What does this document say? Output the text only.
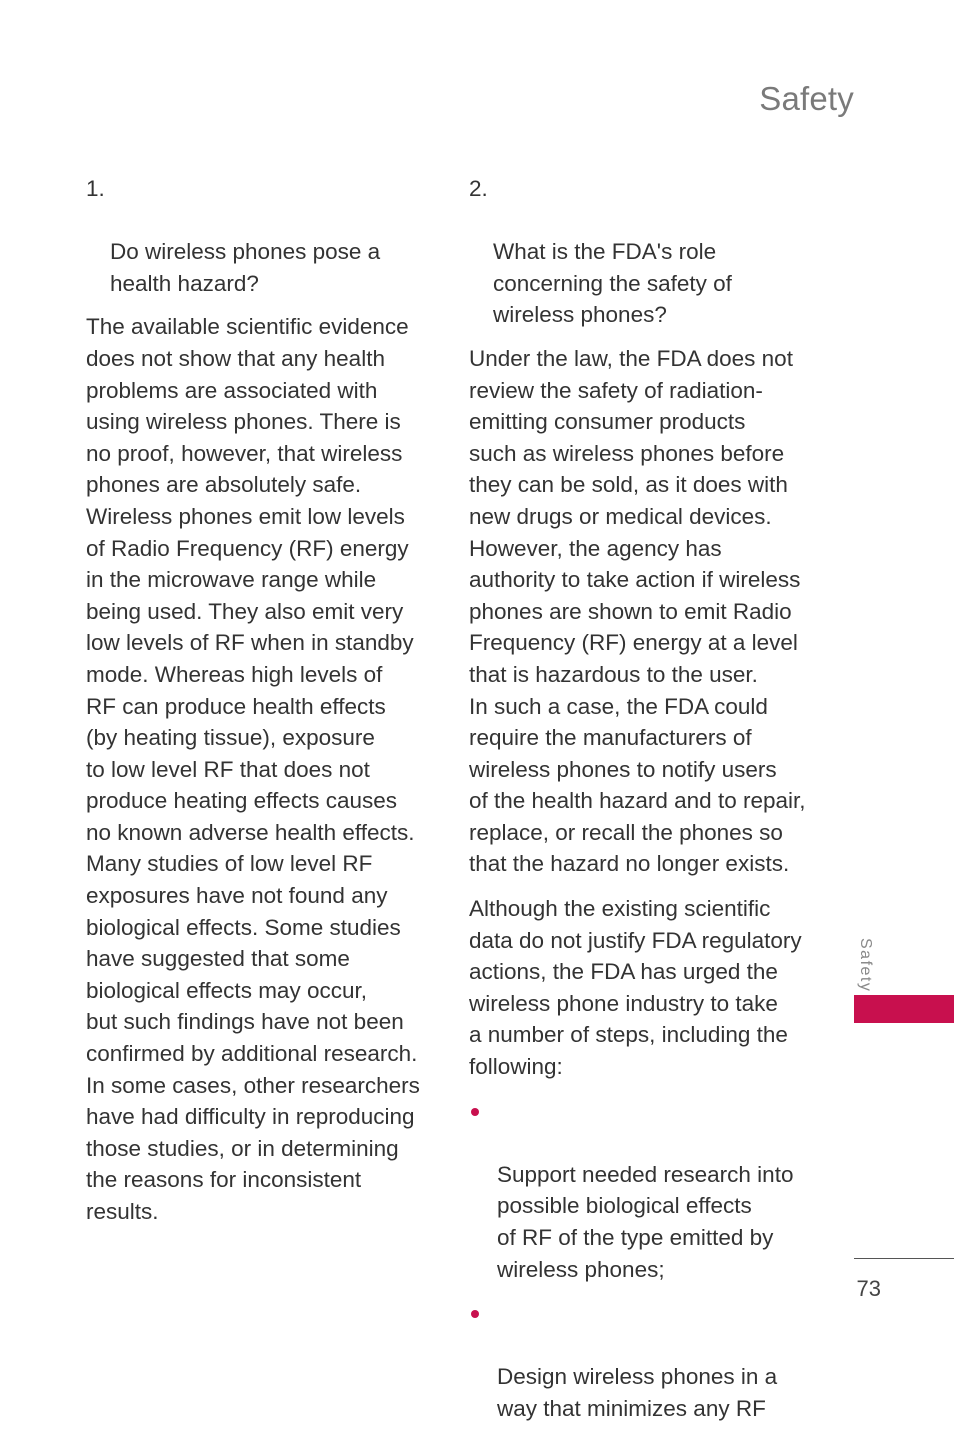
Safety

1.

Do wireless phones pose a
health hazard?

The available scientific evidence
does not show that any health
problems are associated with
using wireless phones. There is
no proof, however, that wireless
phones are absolutely safe.
Wireless phones emit low levels
of Radio Frequency (RF) energy
in the microwave range while
being used. They also emit very
low levels of RF when in standby
mode. Whereas high levels of
RF can produce health effects
(by heating tissue), exposure
to low level RF that does not
produce heating effects causes
no known adverse health effects.
Many studies of low level RF
exposures have not found any
biological effects. Some studies
have suggested that some
biological effects may occur,
but such findings have not been
confirmed by additional research.
In some cases, other researchers
have had difficulty in reproducing
those studies, or in determining
the reasons for inconsistent
results.

2.

What is the FDA's role
concerning the safety of
wireless phones?

Under the law, the FDA does not
review the safety of radiation-
emitting consumer products
such as wireless phones before
they can be sold, as it does with
new drugs or medical devices.
However, the agency has
authority to take action if wireless
phones are shown to emit Radio
Frequency (RF) energy at a level
that is hazardous to the user.
In such a case, the FDA could
require the manufacturers of
wireless phones to notify users
of the health hazard and to repair,
replace, or recall the phones so
that the hazard no longer exists.

Although the existing scientific
data do not justify FDA regulatory
actions, the FDA has urged the
wireless phone industry to take
a number of steps, including the
following:

Support needed research into
possible biological effects
of RF of the type emitted by
wireless phones;

Design wireless phones in a
way that minimizes any RF

Safety
73
